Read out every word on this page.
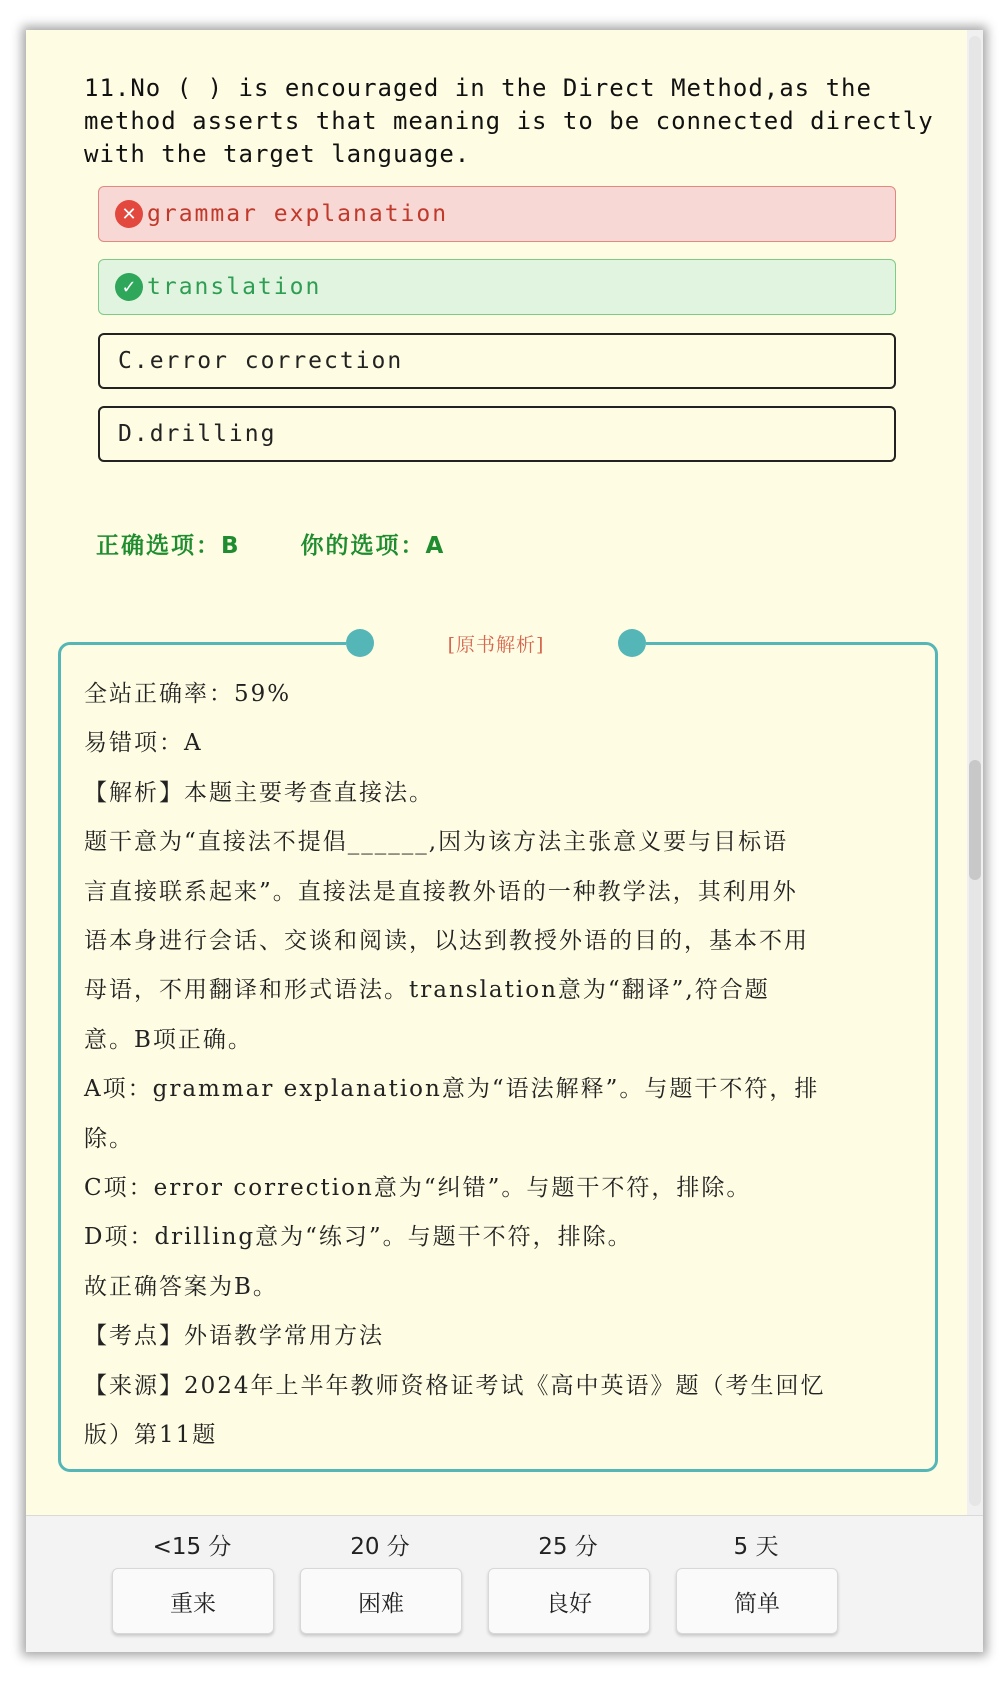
11.No ( ) is encouraged in the Direct Method,as the
method asserts that meaning is to be connected directly
with the target language.
✕ grammar explanation
✓ translation
C.error correction
D.drilling
正确选项：B	你的选项：A
[原书解析]
全站正确率：59%
易错项：A
【解析】本题主要考查直接法。
题干意为“直接法不提倡______,因为该方法主张意义要与目标语
言直接联系起来”。直接法是直接教外语的一种教学法，其利用外
语本身进行会话、交谈和阅读，以达到教授外语的目的，基本不用
母语，不用翻译和形式语法。translation意为“翻译”,符合题
意。B项正确。
A项：grammar explanation意为“语法解释”。与题干不符，排
除。
C项：error correction意为“纠错”。与题干不符，排除。
D项：drilling意为“练习”。与题干不符，排除。
故正确答案为B。
【考点】外语教学常用方法
【来源】2024年上半年教师资格证考试《高中英语》题（考生回忆
版）第11题
<15 分
重来
20 分
困难
25 分
良好
5 天
简单
